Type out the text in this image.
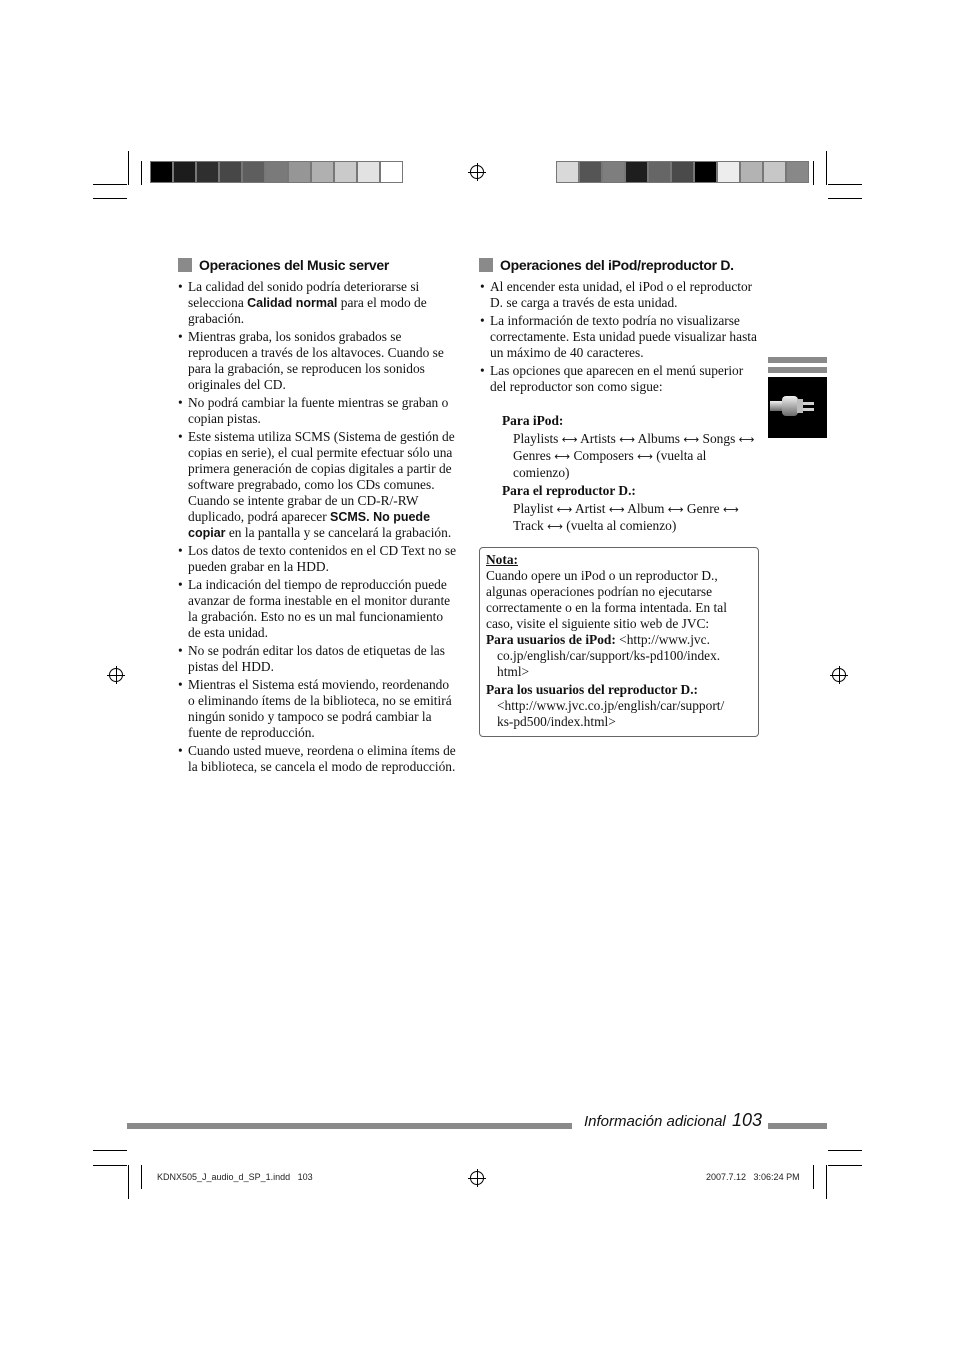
Operaciones del Music server
• La calidad del sonido podría deteriorarse si selecciona Calidad normal para el modo de grabación.
• Mientras graba, los sonidos grabados se reproducen a través de los altavoces. Cuando se para la grabación, se reproducen los sonidos originales del CD.
• No podrá cambiar la fuente mientras se graban o copian pistas.
• Este sistema utiliza SCMS (Sistema de gestión de copias en serie), el cual permite efectuar sólo una primera generación de copias digitales a partir de software pregrabado, como los CDs comunes. Cuando se intente grabar de un CD-R/-RW duplicado, podrá aparecer SCMS. No puede copiar en la pantalla y se cancelará la grabación.
• Los datos de texto contenidos en el CD Text no se pueden grabar en la HDD.
• La indicación del tiempo de reproducción puede avanzar de forma inestable en el monitor durante la grabación. Esto no es un mal funcionamiento de esta unidad.
• No se podrán editar los datos de etiquetas de las pistas del HDD.
• Mientras el Sistema está moviendo, reordenando o eliminando ítems de la biblioteca, no se emitirá ningún sonido y tampoco se podrá cambiar la fuente de reproducción.
• Cuando usted mueve, reordena o elimina ítems de la biblioteca, se cancela el modo de reproducción.
Operaciones del iPod/reproductor D.
• Al encender esta unidad, el iPod o el reproductor D. se carga a través de esta unidad.
• La información de texto podría no visualizarse correctamente. Esta unidad puede visualizar hasta un máximo de 40 caracteres.
• Las opciones que aparecen en el menú superior del reproductor son como sigue:
Para iPod:
Playlists ⟷ Artists ⟷ Albums ⟷ Songs ⟷ Genres ⟷ Composers ⟷ (vuelta al comienzo)
Para el reproductor D.:
Playlist ⟷ Artist ⟷ Album ⟷ Genre ⟷ Track ⟷ (vuelta al comienzo)
Nota:
Cuando opere un iPod o un reproductor D., algunas operaciones podrían no ejecutarse correctamente o en la forma intentada. En tal caso, visite el siguiente sitio web de JVC:
Para usuarios de iPod: <http://www.jvc.
co.jp/english/car/support/ks-pd100/index.
html>
Para los usuarios del reproductor D.:
<http://www.jvc.co.jp/english/car/support/
ks-pd500/index.html>
Información adicional 103
KDNX505_J_audio_d_SP_1.indd   103	2007.7.12   3:06:24 PM
